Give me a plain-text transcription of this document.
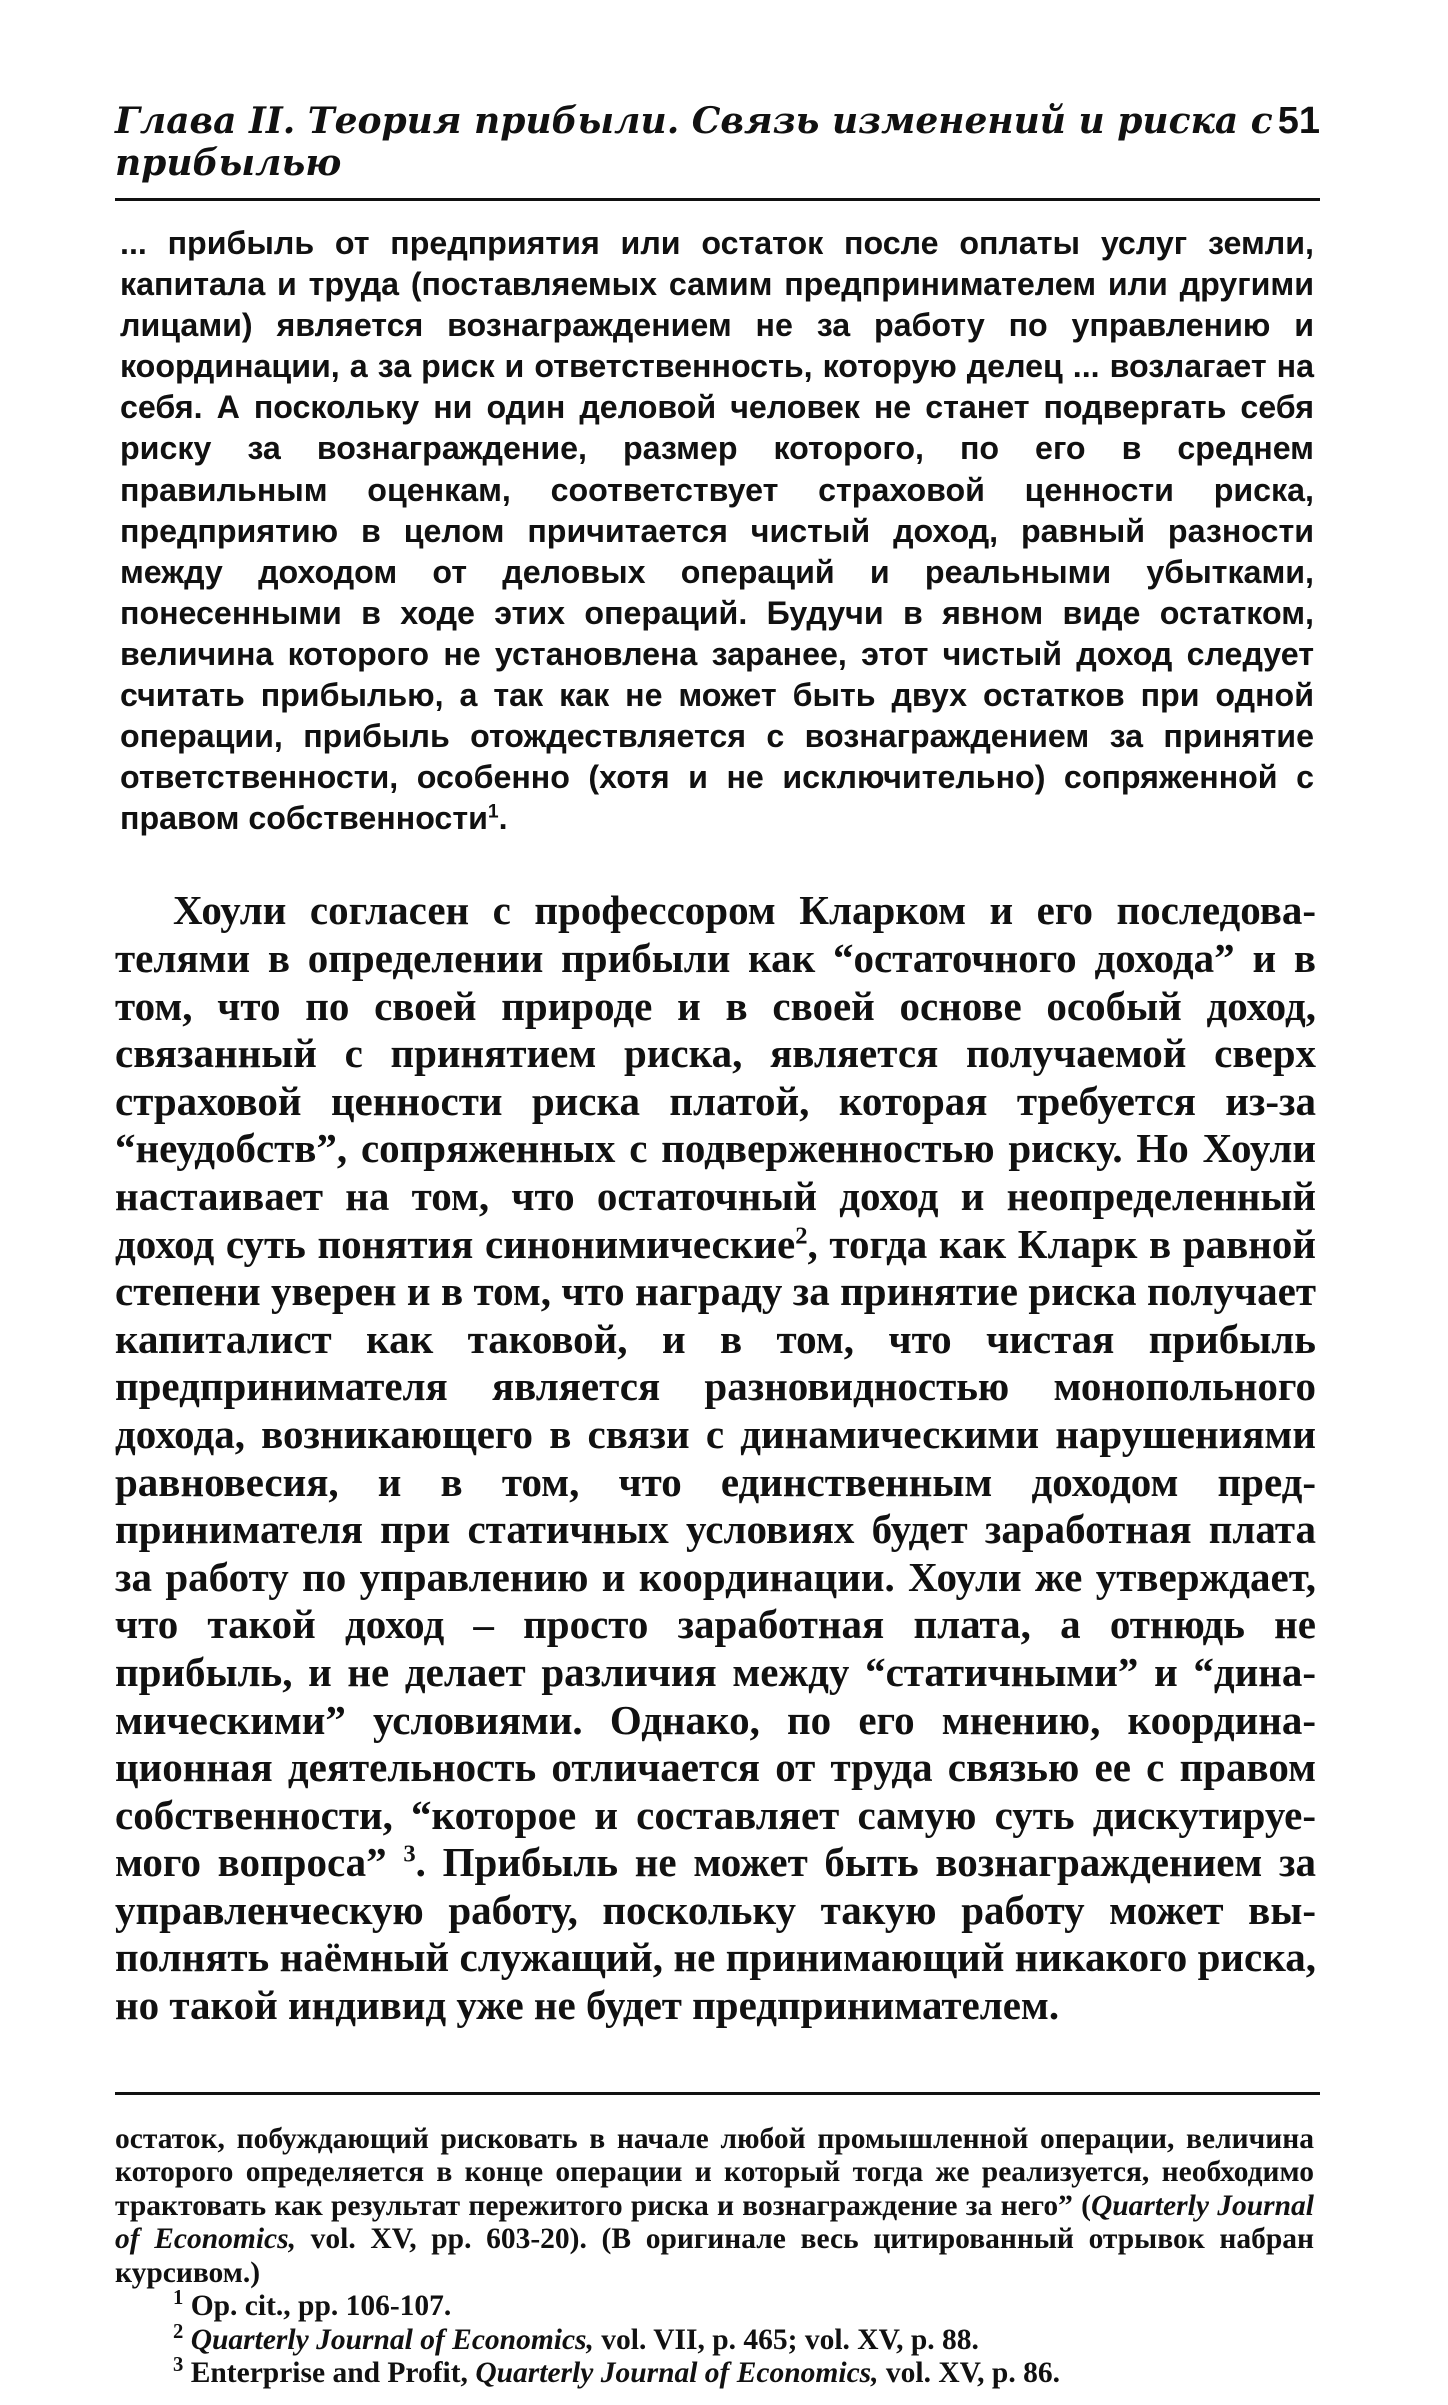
Глава II. Теория прибыли. Связь изменений и риска с прибылью
51

... прибыль от предприятия или остаток после оплаты услуг земли, капитала и труда (поставляемых самим предпринимателем или другими лицами) является вознаграждением не за работу по управлению и координации, а за риск и ответственность, которую делец ... возлагает на себя. А поскольку ни один деловой человек не станет подвергать себя риску за вознаграждение, размер которого, по его в среднем правильным оценкам, соответствует страховой ценности риска, предприятию в целом причитается чистый доход, равный разности между доходом от деловых операций и реальными убытками, понесенными в ходе этих операций. Будучи в явном виде остатком, величина которого не установлена заранее, этот чистый доход следует считать прибылью, а так как не может быть двух остатков при одной операции, прибыль отождествляется с вознаграждением за принятие ответственности, особенно (хотя и не исключительно) сопряженной с правом собственности$^1$.

Хоули согласен с профессором Кларком и его последователями в определении прибыли как “остаточного дохода” и в том, что по своей природе и в своей основе особый доход, связанный с принятием риска, является получаемой сверх страховой ценности риска платой, которая требуется из-за “неудобств”, сопряженных с подверженностью риску. Но Хоули настаивает на том, что остаточный доход и неопределенный доход суть понятия синонимические$^2$, тогда как Кларк в равной степени уверен и в том, что награду за принятие риска получает капиталист как таковой, и в том, что чистая прибыль предпринимателя является разновидностью монопольного дохода, возникающего в связи с динамическими нарушениями равновесия, и в том, что единственным доходом предпринимателя при статичных условиях будет заработная плата за работу по управлению и координации. Хоули же утверждает, что такой доход – просто заработная плата, а отнюдь не прибыль, и не делает различия между “статичными” и “динамическими” условиями. Однако, по его мнению, координационная деятельность отличается от труда связью ее с правом собственности, “которое и составляет самую суть дискутируемого вопроса” $^3$. Прибыль не может быть вознаграждением за управленческую работу, поскольку такую работу может выполнять наёмный служащий, не принимающий никакого риска, но такой индивид уже не будет предпринимателем.

остаток, побуждающий рисковать в начале любой промышленной операции, величина которого определяется в конце операции и который тогда же реализуется, необходимо трактовать как результат пережитого риска и вознаграждение за него” (Quarterly Journal of Economics, vol. XV, pp. 603-20). (В оригинале весь цитированный отрывок набран курсивом.)

$^1$ Op. cit., pp. 106-107.

$^2$ Quarterly Journal of Economics, vol. VII, p. 465; vol. XV, p. 88.

$^3$ Enterprise and Profit, Quarterly Journal of Economics, vol. XV, p. 86.
